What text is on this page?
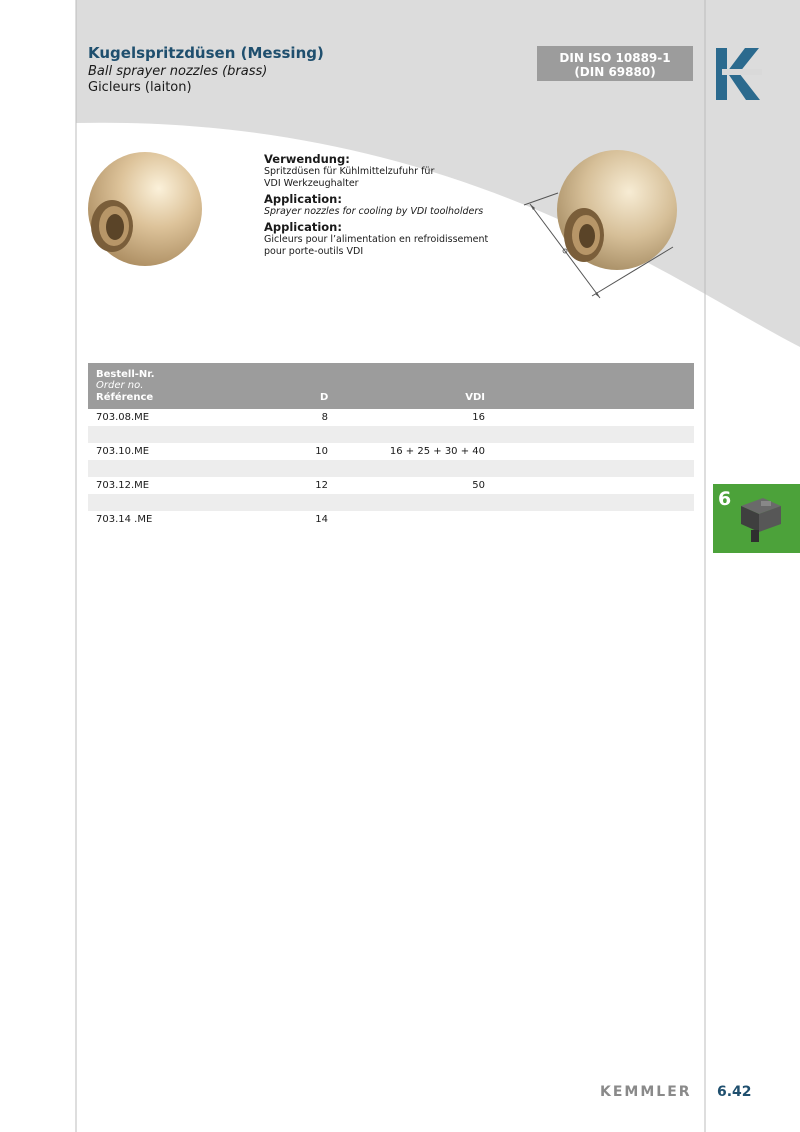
Kugelspritzdüsen (Messing)
Ball sprayer nozzles (brass)
Gicleurs (laiton)
DIN ISO 10889-1
(DIN 69880)
Verwendung:
Spritzdüsen für Kühlmittelzufuhr für
VDI Werkzeughalter
Application:
Sprayer nozzles for cooling by VDI toolholders
Application:
Gicleurs pour l’alimentation en refroidissement
pour porte-outils VDI
Bestell-Nr.
Order no.
Référence	D	VDI
703.08.ME	8	16
703.10.ME	10	16 + 25 + 30 + 40
703.12.ME	12	50
703.14 .ME	14
6
KEMMLER 6.42
